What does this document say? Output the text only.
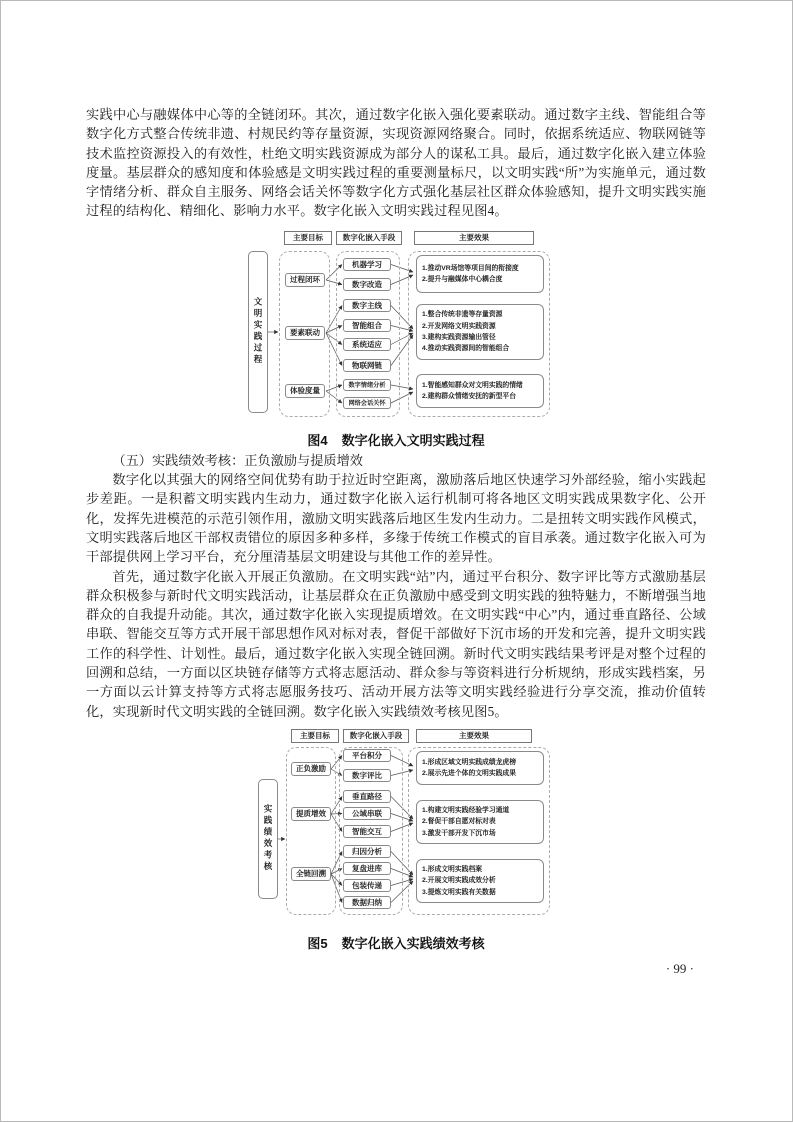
实践中心与融媒体中心等的全链闭环。其次，通过数字化嵌入强化要素联动。通过数字主线、智能组合等数字化方式整合传统非遗、村规民约等存量资源，实现资源网络聚合。同时，依据系统适应、物联网链等技术监控资源投入的有效性，杜绝文明实践资源成为部分人的谋私工具。最后，通过数字化嵌入建立体验度量。基层群众的感知度和体验感是文明实践过程的重要测量标尺，以文明实践“所”为实施单元，通过数字情绪分析、群众自主服务、网络会话关怀等数字化方式强化基层社区群众体验感知，提升文明实践实施过程的结构化、精细化、影响力水平。数字化嵌入文明实践过程见图4。

主要目标	数字化嵌入手段	主要效果
文明实践过程
过程闭环
要素联动
体验度量
机器学习
数字改造
数字主线
智能组合
系统适应
物联网链
数字情绪分析
网络会话关怀
1.推动VR场馆等项目间的衔接度
2.提升与融媒体中心耦合度
1.整合传统非遗等存量资源
2.开发网络文明实践资源
3.建构实践资源输出管径
4.推动实践资源间的智能组合
1.智能感知群众对文明实践的情绪
2.建构群众情绪安抚的新型平台
图4 数字化嵌入文明实践过程

（五）实践绩效考核：正负激励与提质增效

数字化以其强大的网络空间优势有助于拉近时空距离，激励落后地区快速学习外部经验，缩小实践起步差距。一是积蓄文明实践内生动力，通过数字化嵌入运行机制可将各地区文明实践成果数字化、公开化，发挥先进模范的示范引领作用，激励文明实践落后地区生发内生动力。二是扭转文明实践作风模式，文明实践落后地区干部权责错位的原因多种多样，多缘于传统工作模式的盲目承袭。通过数字化嵌入可为干部提供网上学习平台，充分厘清基层文明建设与其他工作的差异性。

首先，通过数字化嵌入开展正负激励。在文明实践“站”内，通过平台积分、数字评比等方式激励基层群众积极参与新时代文明实践活动，让基层群众在正负激励中感受到文明实践的独特魅力，不断增强当地群众的自我提升动能。其次，通过数字化嵌入实现提质增效。在文明实践“中心”内，通过垂直路径、公域串联、智能交互等方式开展干部思想作风对标对表，督促干部做好下沉市场的开发和完善，提升文明实践工作的科学性、计划性。最后，通过数字化嵌入实现全链回溯。新时代文明实践结果考评是对整个过程的回溯和总结，一方面以区块链存储等方式将志愿活动、群众参与等资料进行分析规纳，形成实践档案，另一方面以云计算支持等方式将志愿服务技巧、活动开展方法等文明实践经验进行分享交流，推动价值转化，实现新时代文明实践的全链回溯。数字化嵌入实践绩效考核见图5。

主要目标	数字化嵌入手段	主要效果
实践绩效考核
正负激励
提质增效
全链回溯
平台积分
数字评比
垂直路径
公域串联
智能交互
归因分析
复盘进库
包装传递
数据归纳
1.形成区域文明实践成绩龙虎榜
2.展示先进个体的文明实践成果
1.构建文明实践经验学习通道
2.督促干部自愿对标对表
3.激发干部开发下沉市场
1.形成文明实践档案
2.开展文明实践成效分析
3.提炼文明实践有关数据
图5 数字化嵌入实践绩效考核
· 99 ·
